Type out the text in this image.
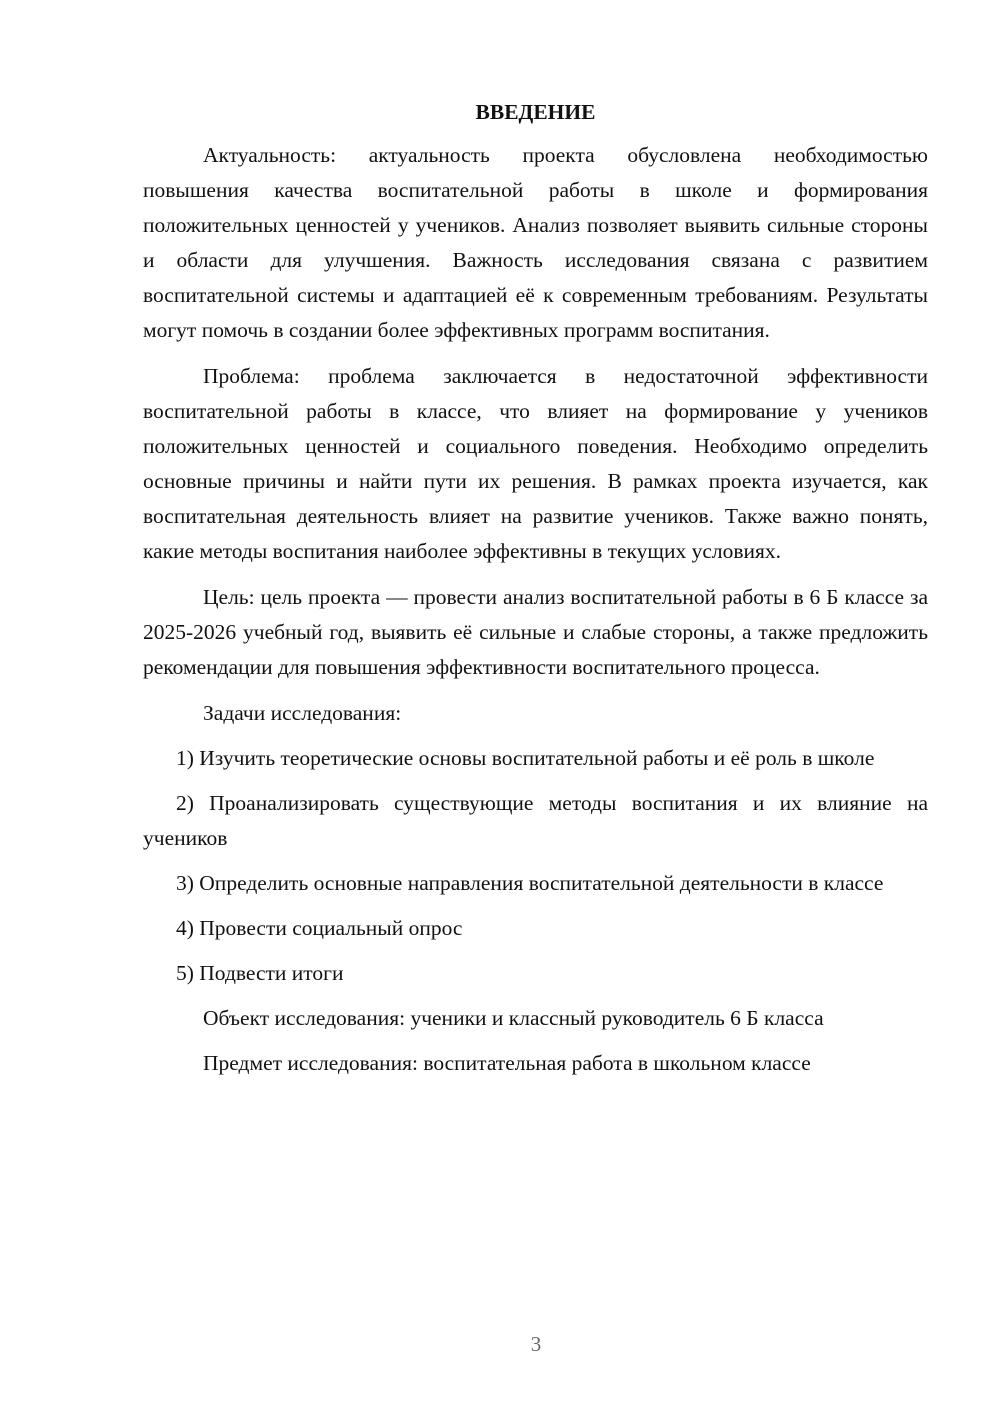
ВВЕДЕНИЕ

Актуальность: актуальность проекта обусловлена необходимостью повышения качества воспитательной работы в школе и формирования положительных ценностей у учеников. Анализ позволяет выявить сильные стороны и области для улучшения. Важность исследования связана с развитием воспитательной системы и адаптацией её к современным требованиям. Результаты могут помочь в создании более эффективных программ воспитания.

Проблема: проблема заключается в недостаточной эффективности воспитательной работы в классе, что влияет на формирование у учеников положительных ценностей и социального поведения. Необходимо определить основные причины и найти пути их решения. В рамках проекта изучается, как воспитательная деятельность влияет на развитие учеников. Также важно понять, какие методы воспитания наиболее эффективны в текущих условиях.

Цель: цель проекта — провести анализ воспитательной работы в 6 Б классе за 2025-2026 учебный год, выявить её сильные и слабые стороны, а также предложить рекомендации для повышения эффективности воспитательного процесса.

Задачи исследования:

1) Изучить теоретические основы воспитательной работы и её роль в школе

2) Проанализировать существующие методы воспитания и их влияние на учеников

3) Определить основные направления воспитательной деятельности в классе

4) Провести социальный опрос

5) Подвести итоги

Объект исследования: ученики и классный руководитель 6 Б класса

Предмет исследования: воспитательная работа в школьном классе

3
